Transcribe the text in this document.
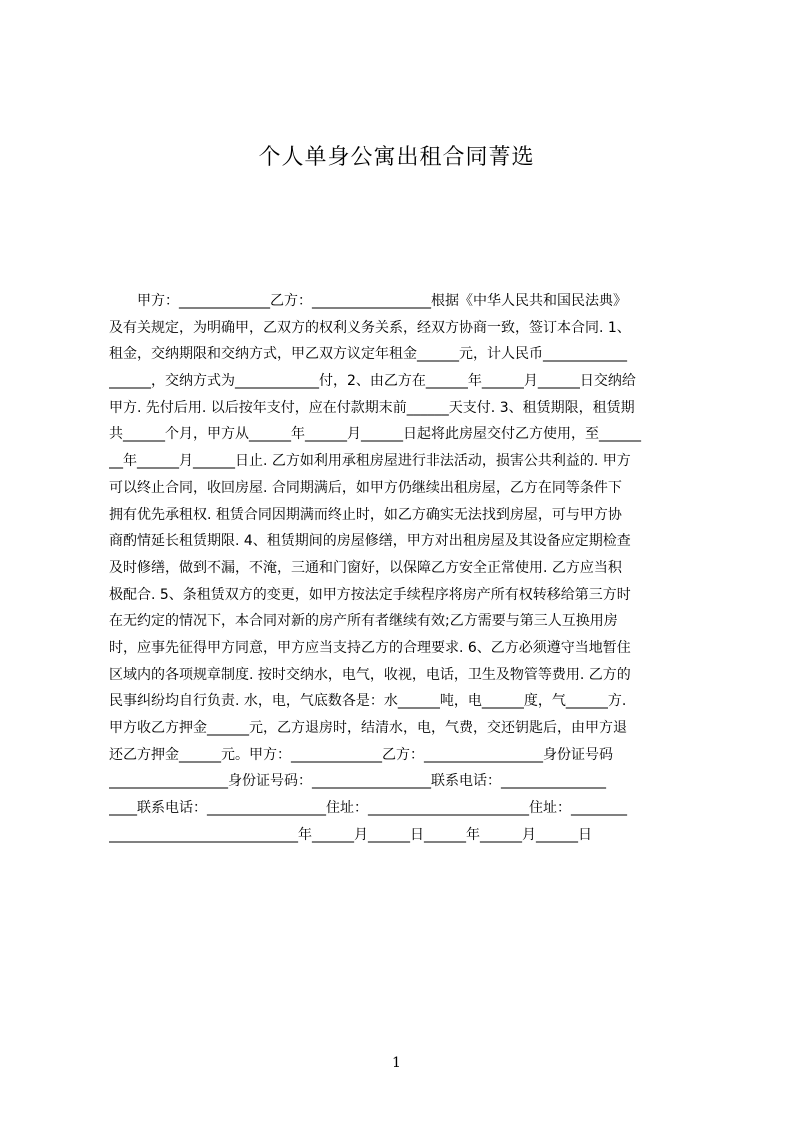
个人单身公寓出租合同菁选
　　甲方：_____________乙方：_________________根据《中华人民共和国民法典》
及有关规定，为明确甲，乙双方的权利义务关系，经双方协商一致，签订本合同. 1、
租金，交纳期限和交纳方式，甲乙双方议定年租金______元，计人民币____________
______，交纳方式为____________付，2、由乙方在______年______月______日交纳给
甲方. 先付后用. 以后按年支付，应在付款期末前______天支付. 3、租赁期限，租赁期
共______个月，甲方从______年______月______日起将此房屋交付乙方使用，至______
__年______月______日止. 乙方如利用承租房屋进行非法活动，损害公共利益的. 甲方
可以终止合同，收回房屋. 合同期满后，如甲方仍继续出租房屋，乙方在同等条件下
拥有优先承租权. 租赁合同因期满而终止时，如乙方确实无法找到房屋，可与甲方协
商酌情延长租赁期限. 4、租赁期间的房屋修缮，甲方对出租房屋及其设备应定期检查
及时修缮，做到不漏，不淹，三通和门窗好，以保障乙方安全正常使用. 乙方应当积
极配合. 5、条租赁双方的变更，如甲方按法定手续程序将房产所有权转移给第三方时
在无约定的情况下，本合同对新的房产所有者继续有效;乙方需要与第三人互换用房
时，应事先征得甲方同意，甲方应当支持乙方的合理要求. 6、乙方必须遵守当地暂住
区域内的各项规章制度. 按时交纳水，电气，收视，电话，卫生及物管等费用. 乙方的
民事纠纷均自行负责. 水，电，气底数各是：水______吨，电______度，气______方.
甲方收乙方押金______元，乙方退房时，结清水，电，气费，交还钥匙后，由甲方退
还乙方押金______元。甲方：_____________乙方：_________________身份证号码
_________________身份证号码：_________________联系电话：_______________
____联系电话：_________________住址：_______________________住址：________
___________________________年______月______日______年______月______日
1
